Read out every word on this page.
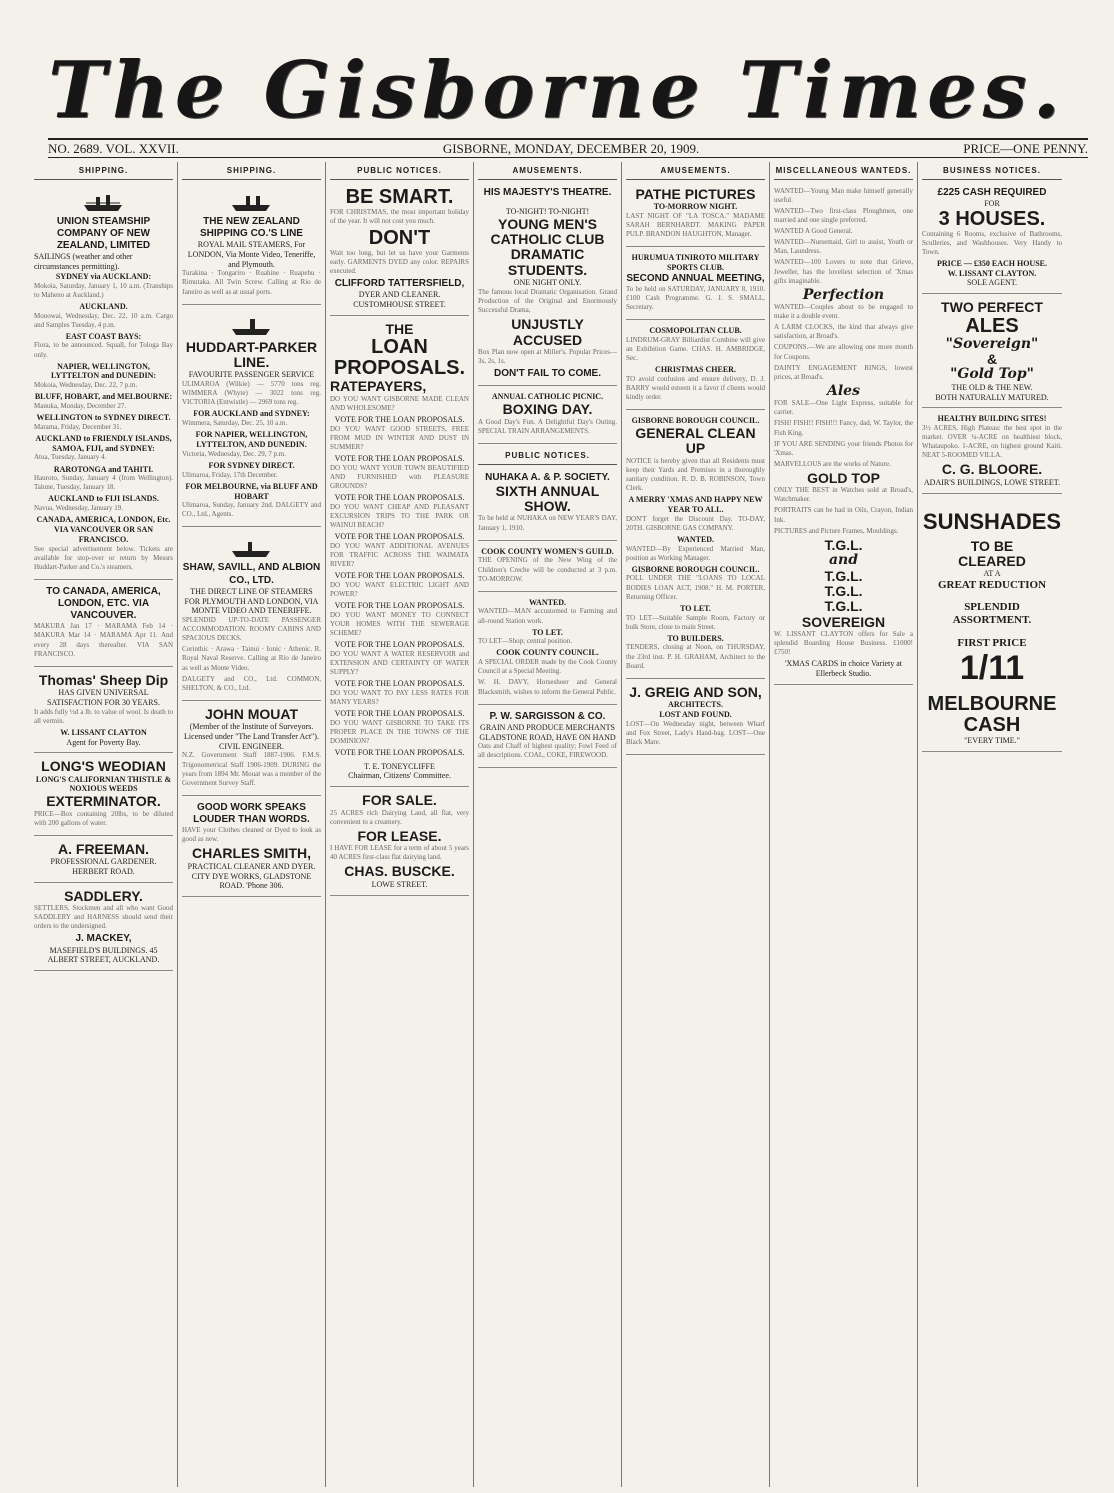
The Gisborne Times.
NO. 2689. VOL. XXVII.	GISBORNE, MONDAY, DECEMBER 20, 1909.	PRICE—ONE PENNY.
SHIPPING.
UNION STEAMSHIP COMPANY OF NEW ZEALAND, LIMITED
SAILINGS (weather and other circumstances permitting).
SYDNEY via AUCKLAND:

Mokoia, Saturday, January 1, 10 a.m. (Tranships to Maheno at Auckland.)

AUCKLAND.

Monowai, Wednesday, Dec. 22, 10 a.m. Cargo and Samples Tuesday, 4 p.m.

EAST COAST BAYS:

Flora, to be announced. Squall, for Tologa Bay only.

NAPIER, WELLINGTON, LYTTELTON and DUNEDIN:

Mokoia, Wednesday, Dec. 22, 7 p.m.

BLUFF, HOBART, and MELBOURNE:

Manuka, Monday, December 27.

WELLINGTON to SYDNEY DIRECT.

Marama, Friday, December 31.

AUCKLAND to FRIENDLY ISLANDS, SAMOA, FIJI, and SYDNEY:

Atua, Tuesday, January 4.

RAROTONGA and TAHITI.

Hauroto, Sunday, January 4 (from Wellington). Talune, Tuesday, January 18.

AUCKLAND to FIJI ISLANDS.

Navua, Wednesday, January 19.

CANADA, AMERICA, LONDON, Etc. VIA VANCOUVER OR SAN FRANCISCO.

See special advertisement below. Tickets are available for stop-over or return by Messrs Huddart-Parker and Co.'s steamers.

TO CANADA, AMERICA, LONDON, ETC. VIA VANCOUVER.

MAKURA Jan 17 · MARAMA Feb 14 · MAKURA Mar 14 · MARAMA Apr 11. And every 28 days thereafter. VIA SAN FRANCISCO.

Thomas' Sheep Dip
HAS GIVEN UNIVERSAL SATISFACTION FOR 30 YEARS.

It adds fully ½d a lb. to value of wool. Is death to all vermin.

W. LISSANT CLAYTON
Agent for Poverty Bay.
LONG'S WEODIAN
LONG'S CALIFORNIAN THISTLE & NOXIOUS WEEDS
EXTERMINATOR.

PRICE—Box containing 20lbs, to be diluted with 200 gallons of water.

A. FREEMAN.
PROFESSIONAL GARDENER. HERBERT ROAD.
SADDLERY.

SETTLERS, Stockmen and all who want Good SADDLERY and HARNESS should send their orders to the undersigned.

J. MACKEY,
MASEFIELD'S BUILDINGS. 45 ALBERT STREET, AUCKLAND.
SHIPPING.
THE NEW ZEALAND SHIPPING CO.'S LINE
ROYAL MAIL STEAMERS, For LONDON, Via Monte Video, Teneriffe, and Plymouth.

Turakina · Tongariro · Ruahine · Ruapehu · Rimutaka. All Twin Screw. Calling at Rio de Janeiro as well as at usual ports.

HUDDART-PARKER LINE.
FAVOURITE PASSENGER SERVICE

ULIMAROA (Wilkie) — 5770 tons reg. WIMMERA (Whyte) — 3022 tons reg. VICTORIA (Entwistle) — 2969 tons reg.

FOR AUCKLAND and SYDNEY:

Wimmera, Saturday, Dec. 25, 10 a.m.

FOR NAPIER, WELLINGTON, LYTTELTON, AND DUNEDIN.

Victoria, Wednesday, Dec. 29, 7 p.m.

FOR SYDNEY DIRECT.

Ulimaroa, Friday, 17th December.

FOR MELBOURNE, via BLUFF AND HOBART

Ulimaroa, Sunday, January 2nd. DALGETY and CO., Ltd., Agents.

SHAW, SAVILL, AND ALBION CO., LTD.
THE DIRECT LINE OF STEAMERS FOR PLYMOUTH AND LONDON, VIA MONTE VIDEO AND TENERIFFE.

SPLENDID UP-TO-DATE PASSENGER ACCOMMODATION. ROOMY CABINS AND SPACIOUS DECKS.

Corinthic · Arawa · Tainui · Ionic · Athenic. R. Royal Naval Reserve. Calling at Rio de Janeiro as well as Monte Video.

DALGETY and CO., Ltd. COMMON, SHELTON, & CO., Ltd.

JOHN MOUAT
(Member of the Institute of Surveyors. Licensed under "The Land Transfer Act"). CIVIL ENGINEER.

N.Z. Government Staff 1887-1906. F.M.S. Trigonometrical Staff 1906-1909. DURING the years from 1894 Mr. Mouat was a member of the Government Survey Staff.

GOOD WORK SPEAKS LOUDER THAN WORDS.

HAVE your Clothes cleaned or Dyed to look as good as new.

CHARLES SMITH,
PRACTICAL CLEANER AND DYER. CITY DYE WORKS, GLADSTONE ROAD. 'Phone 306.
PUBLIC NOTICES.
BE SMART.

FOR CHRISTMAS, the most important holiday of the year. It will not cost you much.

DON'T

Wait too long, but let us have your Garments early. GARMENTS DYED any color. REPAIRS executed.

CLIFFORD TATTERSFIELD,
DYER AND CLEANER. CUSTOMHOUSE STREET.
THE
LOAN PROPOSALS.
RATEPAYERS,

DO YOU WANT GISBORNE MADE CLEAN AND WHOLESOME?

VOTE FOR THE LOAN PROPOSALS.

DO YOU WANT GOOD STREETS, FREE FROM MUD IN WINTER AND DUST IN SUMMER?

VOTE FOR THE LOAN PROPOSALS.

DO YOU WANT YOUR TOWN BEAUTIFIED AND FURNISHED with PLEASURE GROUNDS?

VOTE FOR THE LOAN PROPOSALS.

DO YOU WANT CHEAP AND PLEASANT EXCURSION TRIPS TO THE PARK OR WAINUI BEACH?

VOTE FOR THE LOAN PROPOSALS.

DO YOU WANT ADDITIONAL AVENUES FOR TRAFFIC ACROSS THE WAIMATA RIVER?

VOTE FOR THE LOAN PROPOSALS.

DO YOU WANT ELECTRIC LIGHT AND POWER?

VOTE FOR THE LOAN PROPOSALS.

DO YOU WANT MONEY TO CONNECT YOUR HOMES WITH THE SEWERAGE SCHEME?

VOTE FOR THE LOAN PROPOSALS.

DO YOU WANT A WATER RESERVOIR and EXTENSION AND CERTAINTY OF WATER SUPPLY?

VOTE FOR THE LOAN PROPOSALS.

DO YOU WANT TO PAY LESS RATES FOR MANY YEARS?

VOTE FOR THE LOAN PROPOSALS.

DO YOU WANT GISBORNE TO TAKE ITS PROPER PLACE IN THE TOWNS OF THE DOMINION?

VOTE FOR THE LOAN PROPOSALS.
T. E. TONEYCLIFFE
Chairman, Citizens' Committee.
FOR SALE.

25 ACRES rich Dairying Land, all flat, very convenient to a creamery.

FOR LEASE.

I HAVE FOR LEASE for a term of about 5 years 40 ACRES first-class flat dairying land.

CHAS. BUSCKE.
LOWE STREET.
AMUSEMENTS.
HIS MAJESTY'S THEATRE.
TO-NIGHT! TO-NIGHT!
YOUNG MEN'S CATHOLIC CLUB DRAMATIC STUDENTS.
ONE NIGHT ONLY.

The famous local Dramatic Organisation. Grand Production of the Original and Enormously Successful Drama,

UNJUSTLY ACCUSED

Box Plan now open at Miller's. Popular Prices—3s, 2s, 1s.

DON'T FAIL TO COME.
ANNUAL CATHOLIC PICNIC.
BOXING DAY.

A Good Day's Fun. A Delightful Day's Outing. SPECIAL TRAIN ARRANGEMENTS.

PUBLIC NOTICES.
NUHAKA A. & P. SOCIETY.
SIXTH ANNUAL SHOW.

To be held at NUHAKA on NEW YEAR'S DAY, January 1, 1910.

COOK COUNTY WOMEN'S GUILD.

THE OPENING of the New Wing of the Children's Creche will be conducted at 3 p.m. TO-MORROW.

WANTED.

WANTED—MAN accustomed to Farming and all-round Station work.

TO LET.

TO LET—Shop; central position.

COOK COUNTY COUNCIL.

A SPECIAL ORDER made by the Cook County Council at a Special Meeting.

W. H. DAVY, Horseshoer and General Blacksmith, wishes to inform the General Public.

P. W. SARGISSON & CO.
GRAIN AND PRODUCE MERCHANTS GLADSTONE ROAD, HAVE ON HAND

Oats and Chaff of highest quality; Fowl Feed of all descriptions. COAL, COKE, FIREWOOD.

AMUSEMENTS.
PATHE PICTURES
TO-MORROW NIGHT.

LAST NIGHT OF "LA TOSCA." MADAME SARAH BERNHARDT. MAKING PAPER PULP. BRANDON HAUGHTON, Manager.

HURUMUA TINIROTO MILITARY SPORTS CLUB.
SECOND ANNUAL MEETING,

To be held on SATURDAY, JANUARY 8, 1910. £100 Cash Programme. G. J. S. SMALL, Secretary.

COSMOPOLITAN CLUB.

LINDRUM-GRAY Billiardist Combine will give an Exhibition Game. CHAS. H. AMBRIDGE, Sec.

CHRISTMAS CHEER.

TO avoid confusion and ensure delivery, D. J. BARRY would esteem it a favor if clients would kindly order.

GISBORNE BOROUGH COUNCIL.
GENERAL CLEAN UP

NOTICE is hereby given that all Residents must keep their Yards and Premises in a thoroughly sanitary condition. R. D. B. ROBINSON, Town Clerk.

A MERRY 'XMAS AND HAPPY NEW YEAR TO ALL.

DON'T forget the Discount Day. TO-DAY, 20TH. GISBORNE GAS COMPANY.

WANTED.

WANTED—By Experienced Married Man, position as Working Manager.

GISBORNE BOROUGH COUNCIL.

POLL UNDER THE "LOANS TO LOCAL BODIES LOAN ACT, 1908." H. M. PORTER, Returning Officer.

TO LET.

TO LET—Suitable Sample Room, Factory or bulk Store, close to main Street.

TO BUILDERS.

TENDERS, closing at Noon, on THURSDAY, the 23rd inst. P. H. GRAHAM, Architect to the Board.

J. GREIG AND SON,
ARCHITECTS.
LOST AND FOUND.

LOST—On Wednesday night, between Wharf and Fox Street, Lady's Hand-bag. LOST—One Black Mare.

MISCELLANEOUS WANTEDS.

WANTED—Young Man make himself generally useful.

WANTED—Two first-class Ploughmen, one married and one single preferred.

WANTED A Good General.

WANTED—Nursemaid, Girl to assist, Youth or Man, Laundress.

WANTED—100 Lovers to note that Grieve, Jeweller, has the loveliest selection of 'Xmas gifts imaginable.

Perfection

WANTED—Couples about to be engaged to make it a double event.

A LARM CLOCKS, the kind that always give satisfaction, at Broad's.

COUPONS.—We are allowing one more month for Coupons.

DAINTY ENGAGEMENT RINGS, lowest prices, at Broad's.

Ales

FOR SALE—One Light Express, suitable for carrier.

FISH! FISH!! FISH!!! Fancy, dad, W. Taylor, the Fish King.

IF YOU ARE SENDING your friends Photos for 'Xmas.

MARVELLOUS are the works of Nature.

GOLD TOP

ONLY THE BEST in Watches sold at Broad's, Watchmaker.

PORTRAITS can be had in Oils, Crayon, Indian Ink.

PICTURES and Picture Frames, Mouldings.

T.G.L.
and
T.G.L.
T.G.L.
T.G.L.
SOVEREIGN

W. LISSANT CLAYTON offers for Sale a splendid Boarding House Business. £1000! £750!

'XMAS CARDS in choice Variety at Ellerbeck Studio.
BUSINESS NOTICES.
£225 CASH REQUIRED
FOR
3 HOUSES.

Containing 6 Rooms, exclusive of Bathrooms, Sculleries, and Washhouses. Very Handy to Town.

PRICE — £350 EACH HOUSE.
W. LISSANT CLAYTON.
SOLE AGENT.
TWO PERFECT
ALES
"Sovereign"
&
"Gold Top"
THE OLD & THE NEW.
BOTH NATURALLY MATURED.
HEALTHY BUILDING SITES!

3½ ACRES, High Plateau: the best spot in the market. OVER ¼-ACRE on healthiest block, Whataupoko. 1-ACRE, on highest ground Kaiti. NEAT 5-ROOMED VILLA.

C. G. BLOORE.
ADAIR'S BUILDINGS, LOWE STREET.
SUNSHADES
TO BE
CLEARED
AT A
GREAT REDUCTION
SPLENDID
ASSORTMENT.
FIRST PRICE
1/11
MELBOURNE CASH
"EVERY TIME."
